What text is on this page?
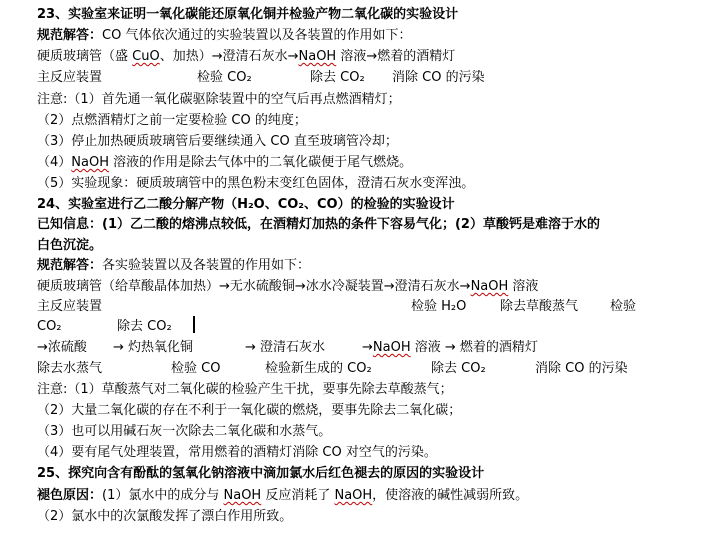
23、实验室来证明一氧化碳能还原氧化铜并检验产物二氧化碳的实验设计
规范解答：CO 气体依次通过的实验装置以及各装置的作用如下：
硬质玻璃管（盛 CuO、加热）→澄清石灰水→NaOH 溶液→燃着的酒精灯
主反应装置	检验 CO₂	除去 CO₂ 消除 CO 的污染
注意:（1）首先通一氧化碳驱除装置中的空气后再点燃酒精灯；
（2）点燃酒精灯之前一定要检验 CO 的纯度；
（3）停止加热硬质玻璃管后要继续通入 CO 直至玻璃管冷却；
（4）NaOH 溶液的作用是除去气体中的二氧化碳便于尾气燃烧。
（5）实验现象：硬质玻璃管中的黑色粉末变红色固体，澄清石灰水变浑浊。
24、实验室进行乙二酸分解产物（H₂O、CO₂、CO）的检验的实验设计
已知信息：(1）乙二酸的熔沸点较低，在酒精灯加热的条件下容易气化；(2）草酸钙是难溶于水的
白色沉淀。
规范解答：各实验装置以及各装置的作用如下：
硬质玻璃管（给草酸晶体加热）→无水硫酸铜→冰水冷凝装置→澄清石灰水→NaOH 溶液
主反应装置	检验 H₂O	除去草酸蒸气 检验
CO₂	除去 CO₂
→浓硫酸 → 灼热氧化铜	→ 澄清石灰水	→NaOH 溶液 → 燃着的酒精灯
除去水蒸气	检验 CO	检验新生成的 CO₂	除去 CO₂	消除 CO 的污染
注意:（1）草酸蒸气对二氧化碳的检验产生干扰，要事先除去草酸蒸气；
（2）大量二氧化碳的存在不利于一氧化碳的燃烧，要事先除去二氧化碳；
（3）也可以用碱石灰一次除去二氧化碳和水蒸气。
（4）要有尾气处理装置，常用燃着的酒精灯消除 CO 对空气的污染。
25、探究向含有酚酞的氢氧化钠溶液中滴加氯水后红色褪去的原因的实验设计
褪色原因：(1）氯水中的成分与 NaOH 反应消耗了 NaOH，使溶液的碱性减弱所致。
（2）氯水中的次氯酸发挥了漂白作用所致。
